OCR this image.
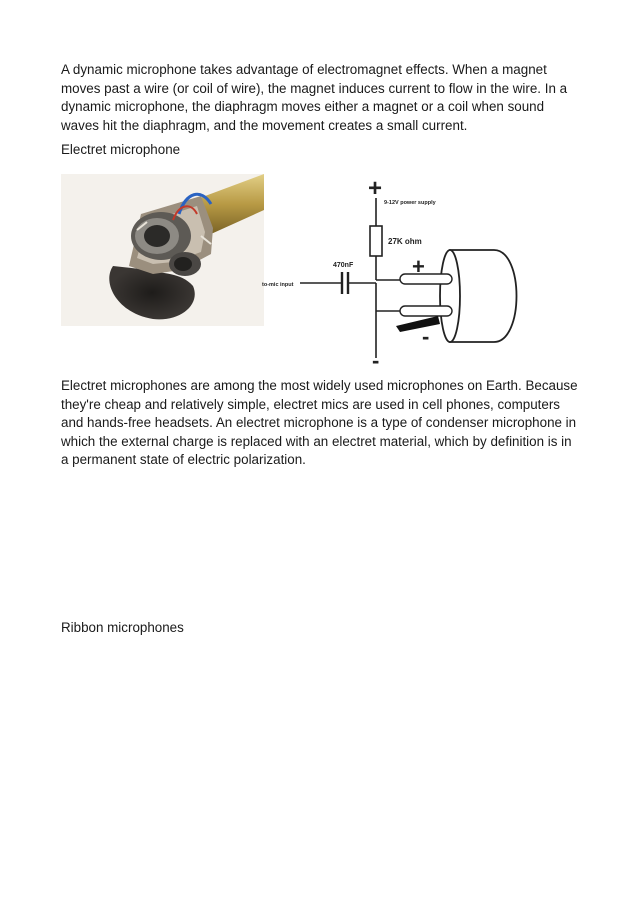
A dynamic microphone takes advantage of electromagnet effects. When a magnet moves past a wire (or coil of wire), the magnet induces current to flow in the wire. In a dynamic microphone, the diaphragm moves either a magnet or a coil when sound waves hit the diaphragm, and the movement creates a small current.

Electret microphone

+
9-12V power supply
27K ohm
470nF
to-mic input
+
-
-

Electret microphones are among the most widely used microphones on Earth. Because they're cheap and relatively simple, electret mics are used in cell phones, computers and hands-free headsets. An electret microphone is a type of condenser microphone in which the external charge is replaced with an electret material, which by definition is in a permanent state of electric polarization.

Ribbon microphones
